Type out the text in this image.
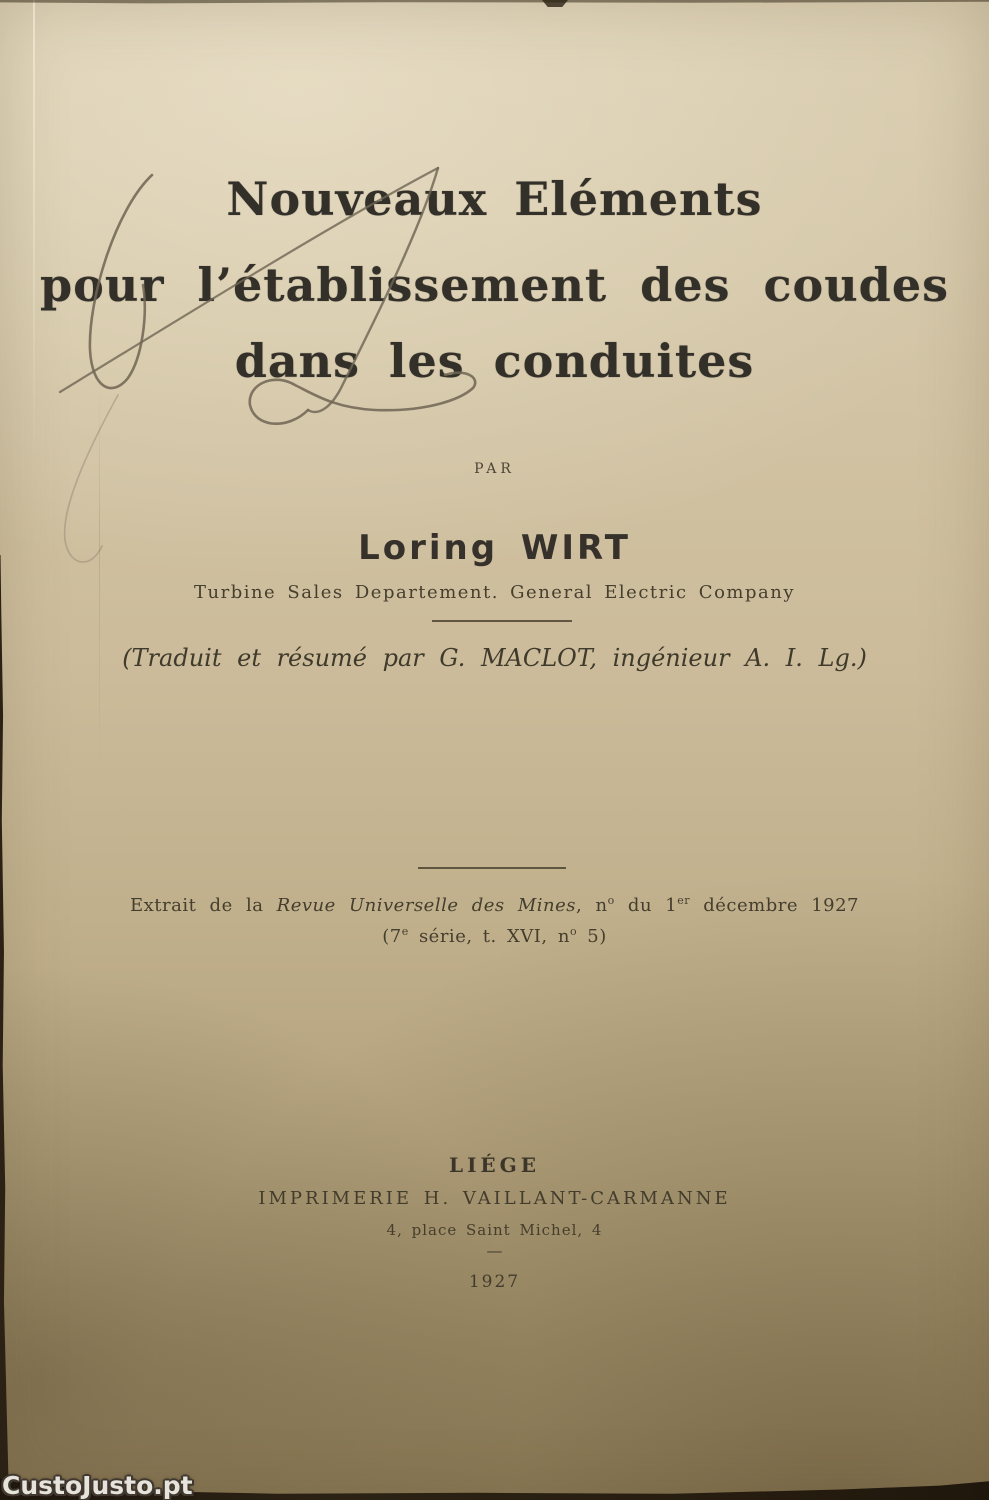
Nouveaux Eléments
pour l’établissement des coudes
dans les conduites
PAR
Loring WIRT
Turbine Sales Departement. General Electric Company
(Traduit et résumé par G. MACLOT, ingénieur A. I. Lg.)
Extrait de la Revue Universelle des Mines, $n^o$ du 1er décembre 1927
(7e série, t. XVI, $n^o$ 5)
LIÉGE
IMPRIMERIE H. VAILLANT-CARMANNE
4, place Saint Michel, 4
—
1927
CustoJusto.pt
